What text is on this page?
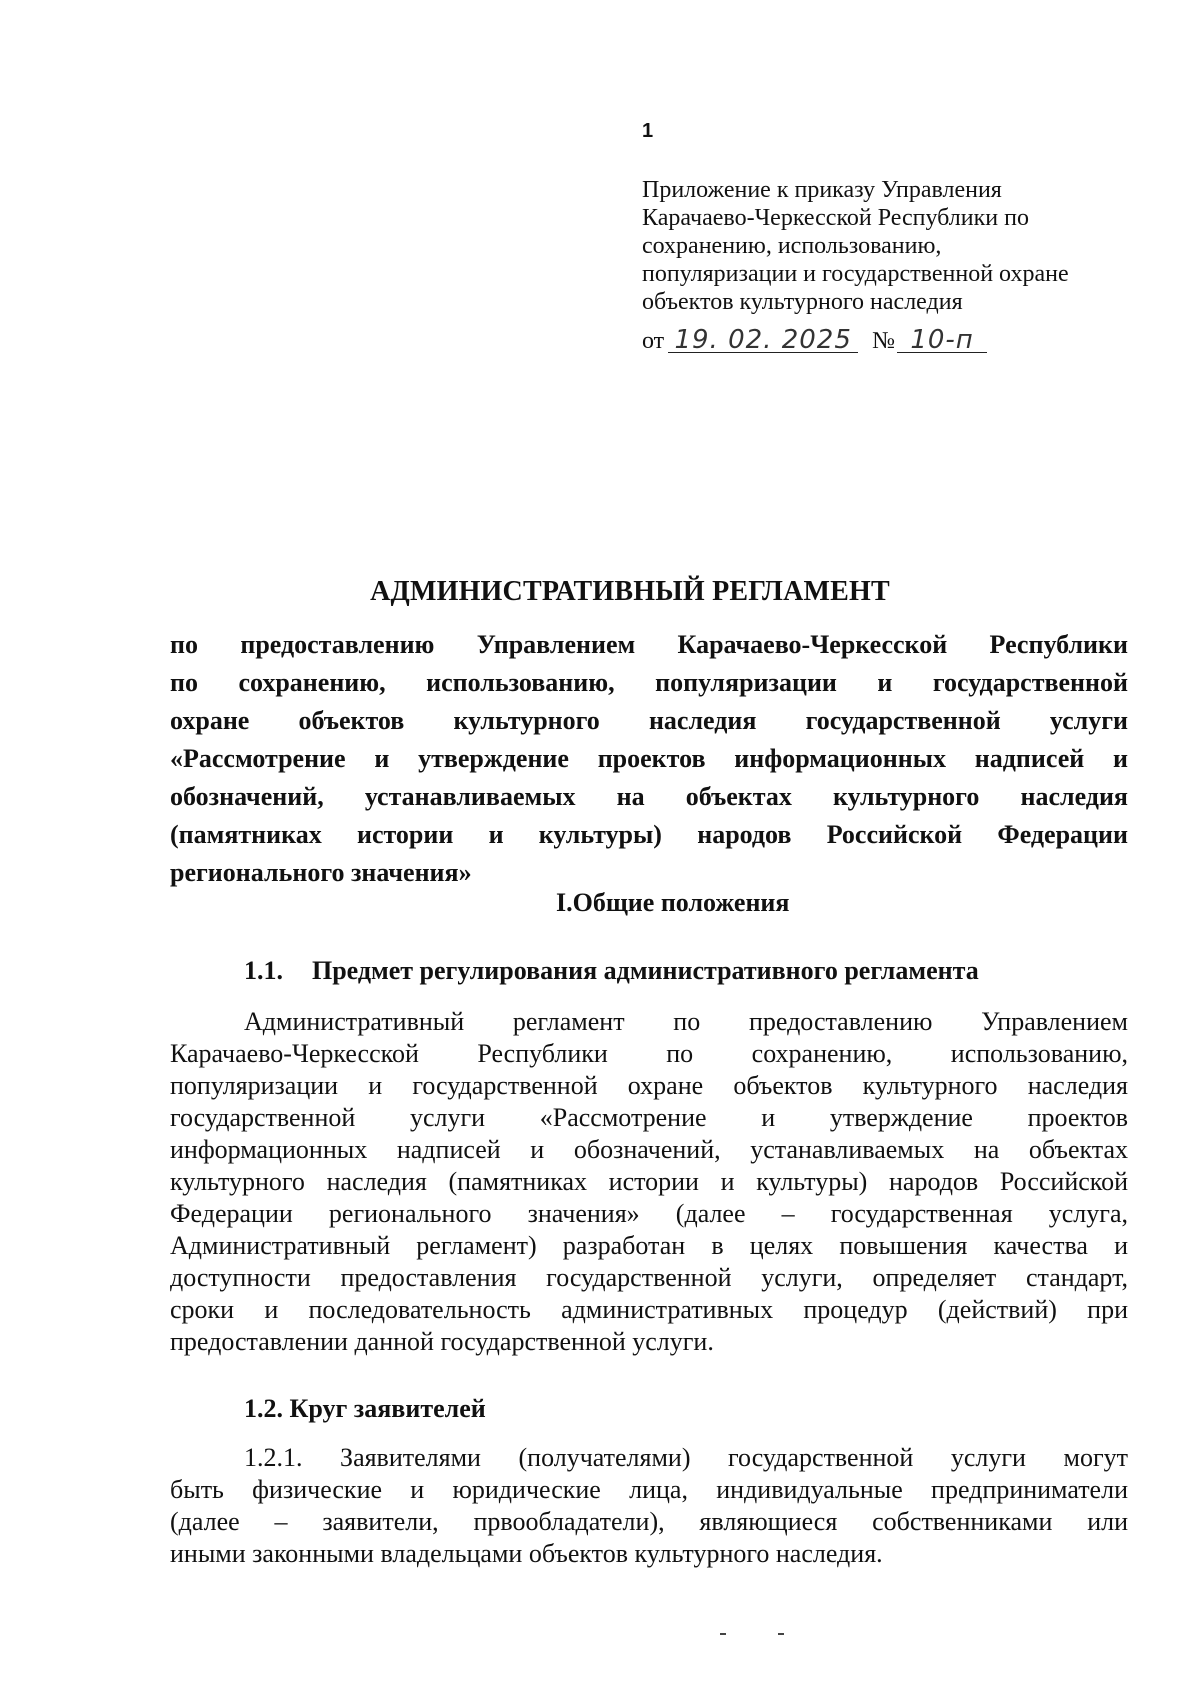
1
Приложение к приказу Управления
Карачаево-Черкесской Республики по
сохранению, использованию,
популяризации и государственной охране
объектов культурного наследия
от 19. 02. 2025 № 10-п
АДМИНИСТРАТИВНЫЙ РЕГЛАМЕНТ
по предоставлению Управлением Карачаево-Черкесской Республики
по сохранению, использованию, популяризации и государственной
охране объектов культурного наследия государственной услуги
«Рассмотрение и утверждение проектов информационных надписей и
обозначений, устанавливаемых на объектах культурного наследия
(памятниках истории и культуры) народов Российской Федерации
регионального значения»
I.Общие положения
1.1. Предмет регулирования административного регламента
Административный регламент по предоставлению Управлением
Карачаево-Черкесской Республики по сохранению, использованию,
популяризации и государственной охране объектов культурного наследия
государственной услуги «Рассмотрение и утверждение проектов
информационных надписей и обозначений, устанавливаемых на объектах
культурного наследия (памятниках истории и культуры) народов Российской
Федерации регионального значения» (далее – государственная услуга,
Административный регламент) разработан в целях повышения качества и
доступности предоставления государственной услуги, определяет стандарт,
сроки и последовательность административных процедур (действий) при
предоставлении данной государственной услуги.
1.2. Круг заявителей
1.2.1. Заявителями (получателями) государственной услуги могут
быть физические и юридические лица, индивидуальные предприниматели
(далее – заявители, првообладатели), являющиеся собственниками или
иными законными владельцами объектов культурного наследия.
